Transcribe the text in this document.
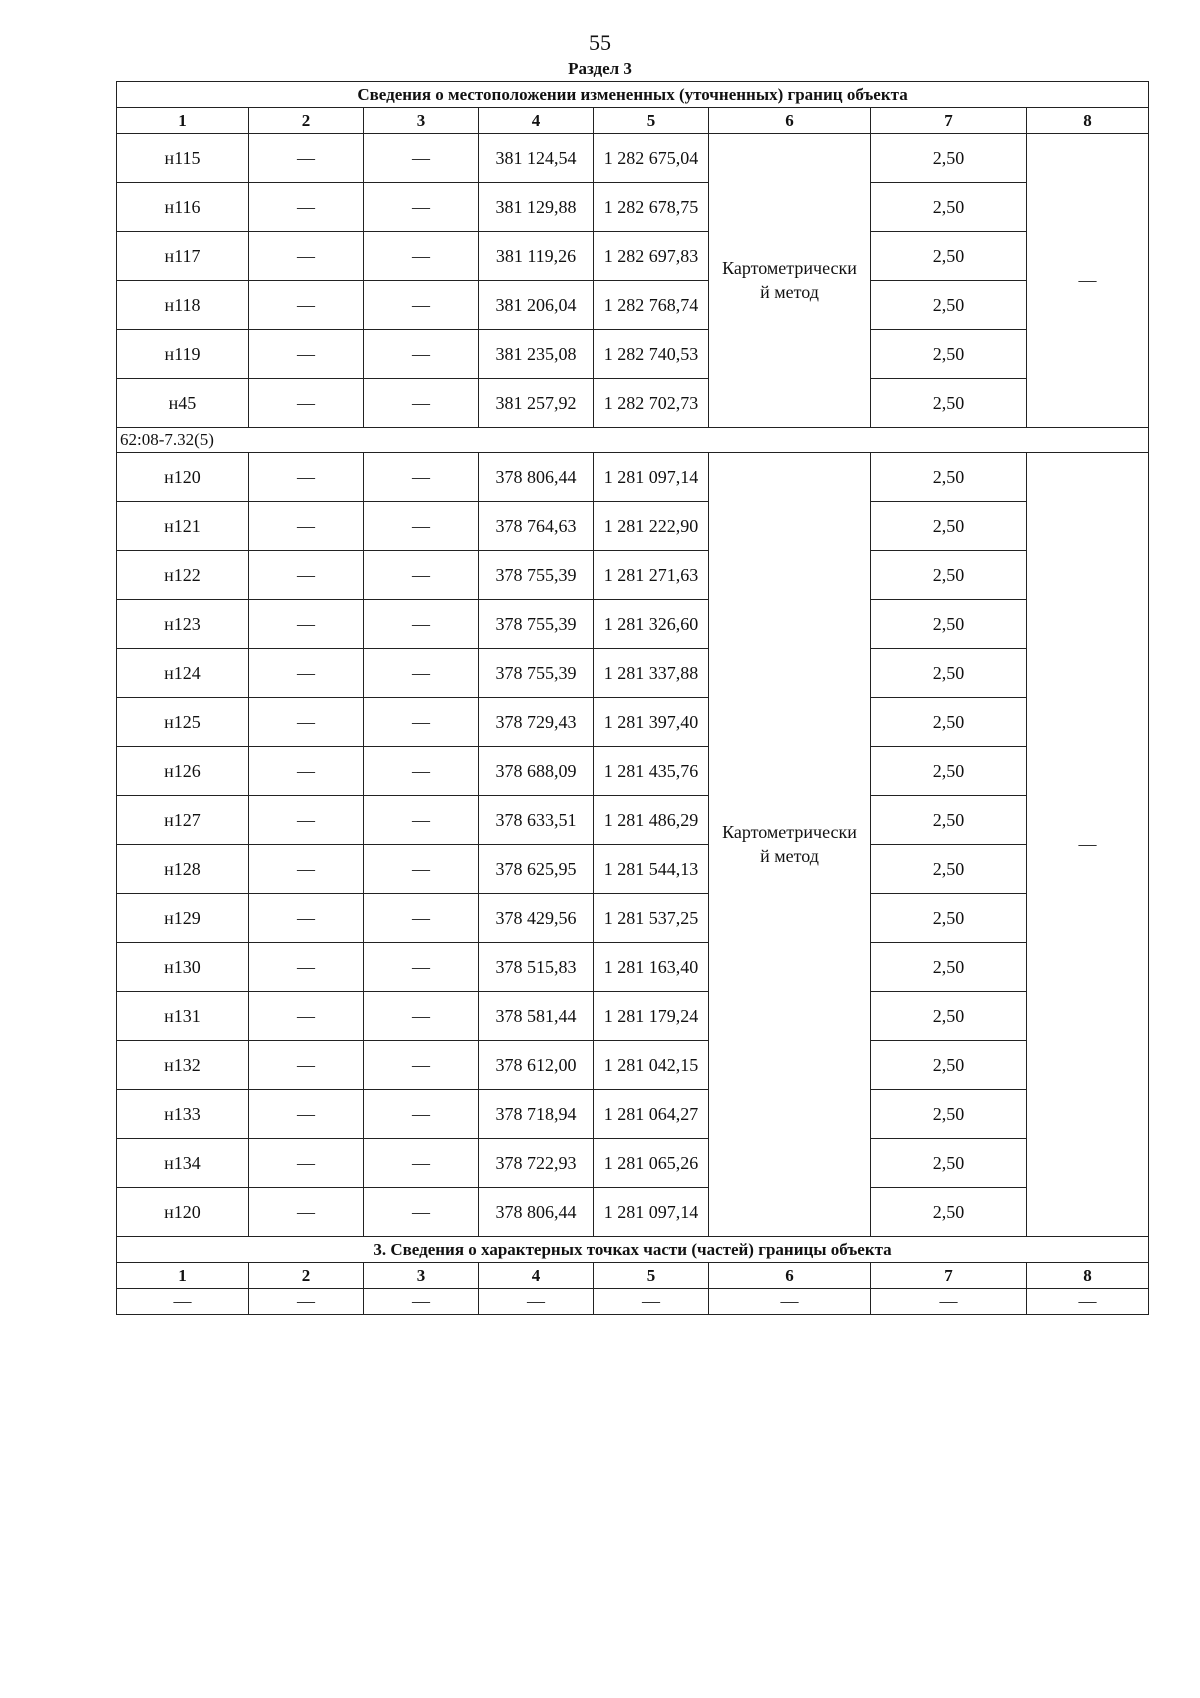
55
Раздел 3
Сведения о местоположении измененных (уточненных) границ объекта							
1	2	3	4	5	6	7	8
н115	—	—	381 124,54	1 282 675,04	Картометрически й метод	2,50	—
н116	—	—	381 129,88	1 282 678,75		2,50	
н117	—	—	381 119,26	1 282 697,83		2,50	
н118	—	—	381 206,04	1 282 768,74		2,50	
н119	—	—	381 235,08	1 282 740,53		2,50	
н45	—	—	381 257,92	1 282 702,73		2,50	
62:08-7.32(5)							
н120	—	—	378 806,44	1 281 097,14	Картометрически й метод	2,50	—
н121	—	—	378 764,63	1 281 222,90		2,50	
н122	—	—	378 755,39	1 281 271,63		2,50	
н123	—	—	378 755,39	1 281 326,60		2,50	
н124	—	—	378 755,39	1 281 337,88		2,50	
н125	—	—	378 729,43	1 281 397,40		2,50	
н126	—	—	378 688,09	1 281 435,76		2,50	
н127	—	—	378 633,51	1 281 486,29		2,50	
н128	—	—	378 625,95	1 281 544,13		2,50	
н129	—	—	378 429,56	1 281 537,25		2,50	
н130	—	—	378 515,83	1 281 163,40		2,50	
н131	—	—	378 581,44	1 281 179,24		2,50	
н132	—	—	378 612,00	1 281 042,15		2,50	
н133	—	—	378 718,94	1 281 064,27		2,50	
н134	—	—	378 722,93	1 281 065,26		2,50	
н120	—	—	378 806,44	1 281 097,14		2,50	
3. Сведения о характерных точках части (частей) границы объекта							
1	2	3	4	5	6	7	8
—	—	—	—	—	—	—	—
